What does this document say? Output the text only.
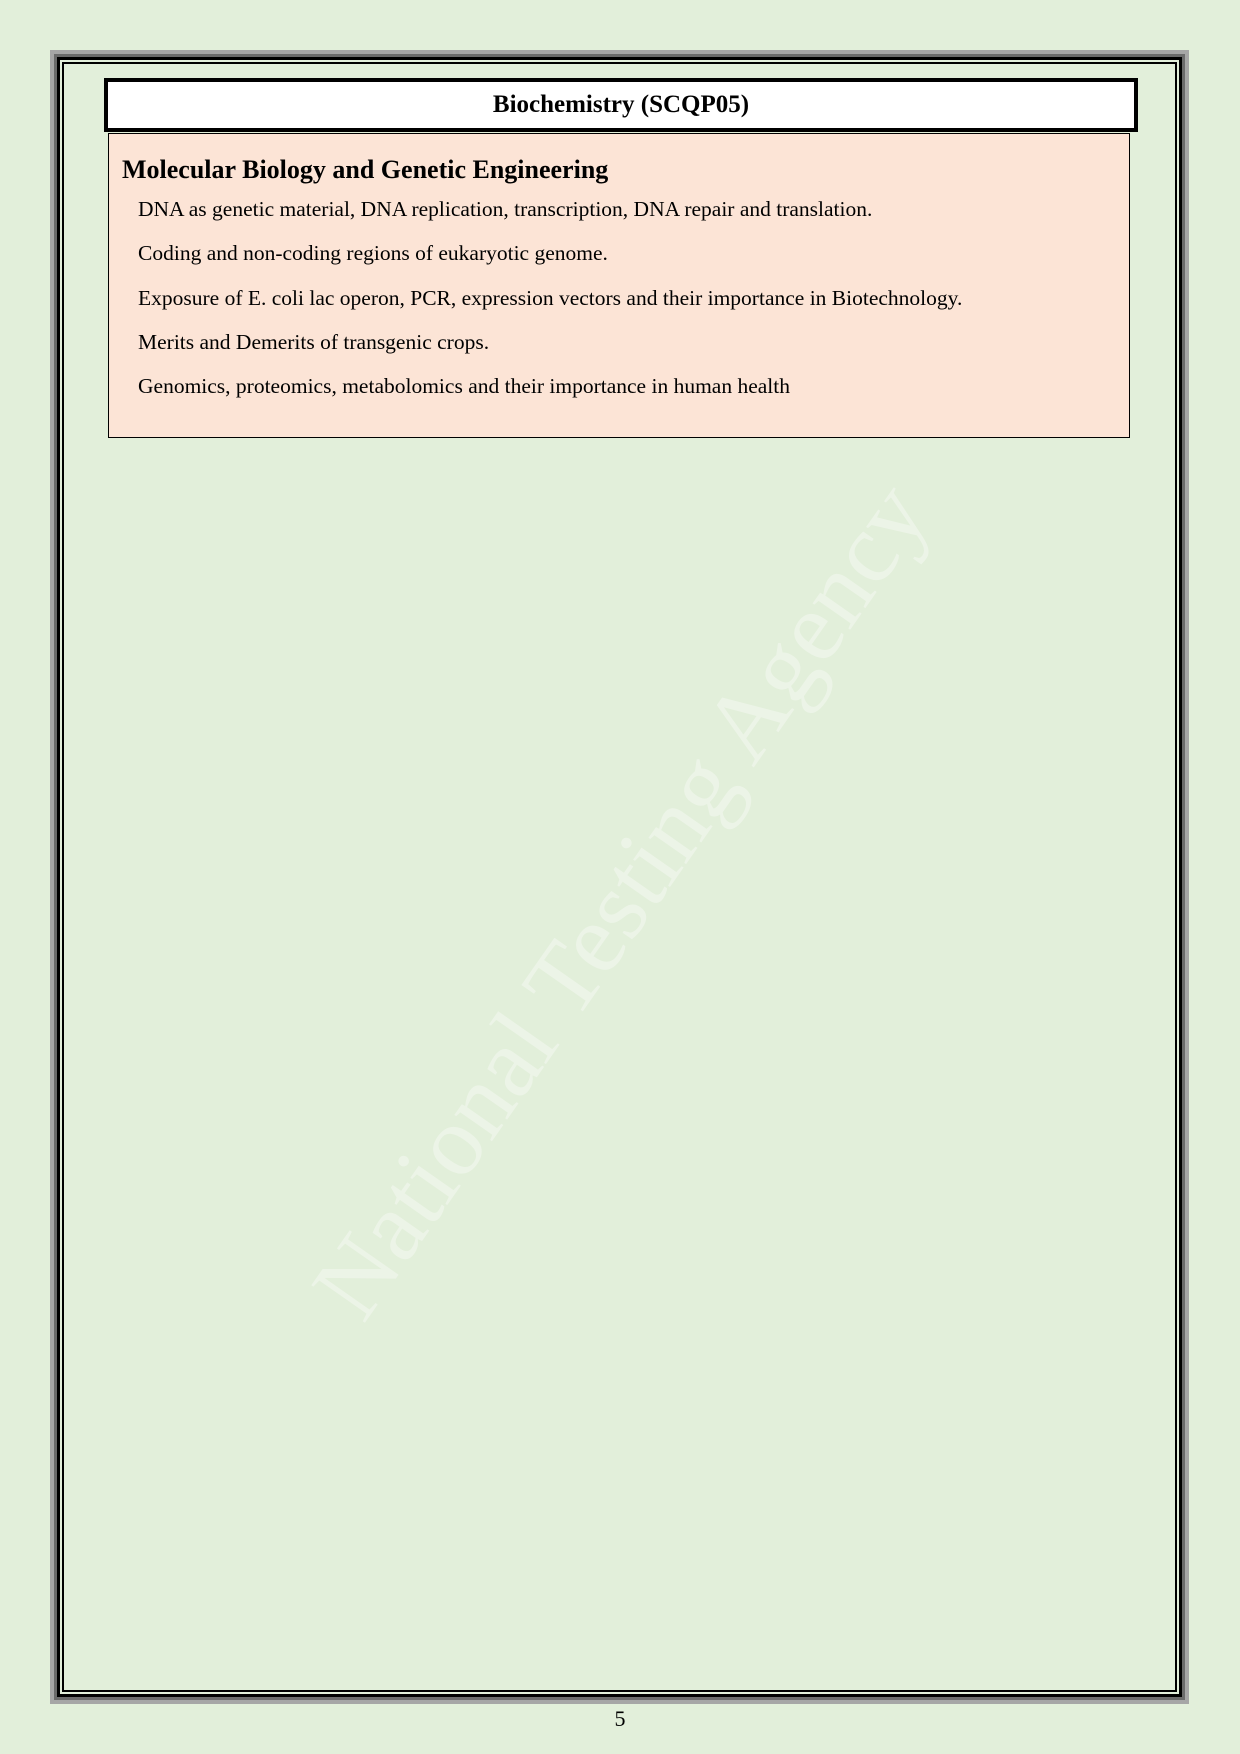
National Testing Agency
Biochemistry (SCQP05)
Molecular Biology and Genetic Engineering
DNA as genetic material, DNA replication, transcription, DNA repair and translation.
Coding and non-coding regions of eukaryotic genome.
Exposure of E. coli lac operon, PCR, expression vectors and their importance in Biotechnology.
Merits and Demerits of transgenic crops.
Genomics, proteomics, metabolomics and their importance in human health
5
